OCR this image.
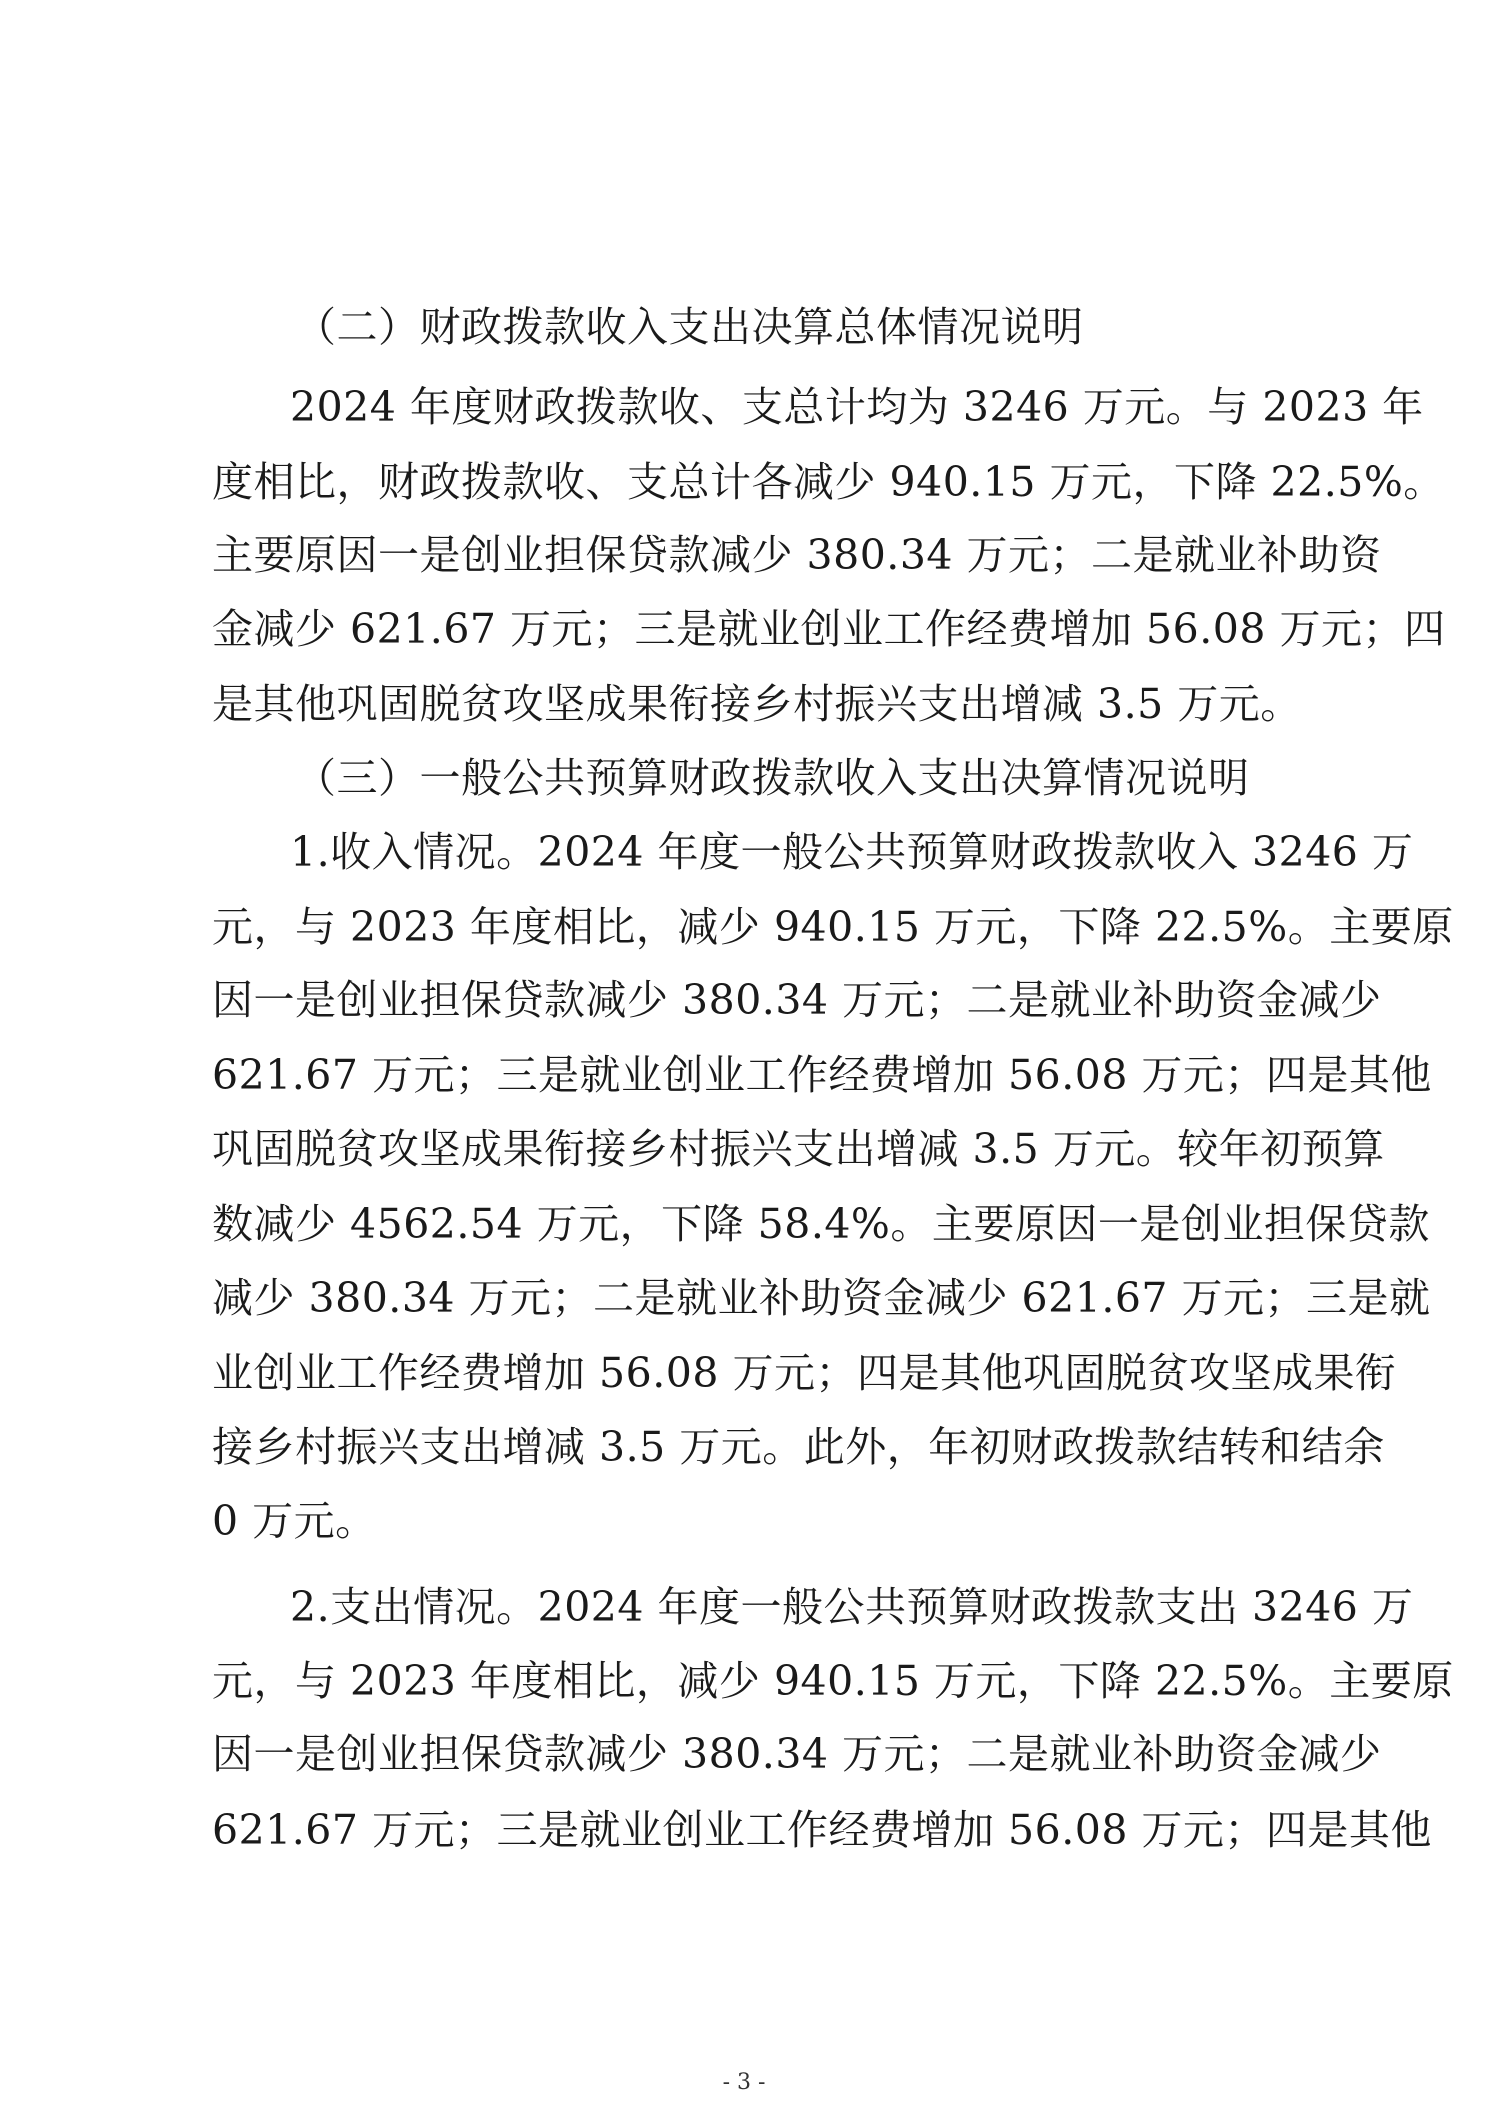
（二）财政拨款收入支出决算总体情况说明
2024 年度财政拨款收、支总计均为 3246 万元。与 2023 年
度相比，财政拨款收、支总计各减少 940.15 万元，下降 22.5%。
主要原因一是创业担保贷款减少 380.34 万元；二是就业补助资
金减少 621.67 万元；三是就业创业工作经费增加 56.08 万元；四
是其他巩固脱贫攻坚成果衔接乡村振兴支出增减 3.5 万元。
（三）一般公共预算财政拨款收入支出决算情况说明
1.收入情况。2024 年度一般公共预算财政拨款收入 3246 万
元，与 2023 年度相比，减少 940.15 万元，下降 22.5%。主要原
因一是创业担保贷款减少 380.34 万元；二是就业补助资金减少
621.67 万元；三是就业创业工作经费增加 56.08 万元；四是其他
巩固脱贫攻坚成果衔接乡村振兴支出增减 3.5 万元。较年初预算
数减少 4562.54 万元，下降 58.4%。主要原因一是创业担保贷款
减少 380.34 万元；二是就业补助资金减少 621.67 万元；三是就
业创业工作经费增加 56.08 万元；四是其他巩固脱贫攻坚成果衔
接乡村振兴支出增减 3.5 万元。此外，年初财政拨款结转和结余
0 万元。
2.支出情况。2024 年度一般公共预算财政拨款支出 3246 万
元，与 2023 年度相比，减少 940.15 万元，下降 22.5%。主要原
因一是创业担保贷款减少 380.34 万元；二是就业补助资金减少
621.67 万元；三是就业创业工作经费增加 56.08 万元；四是其他
- 3 -
